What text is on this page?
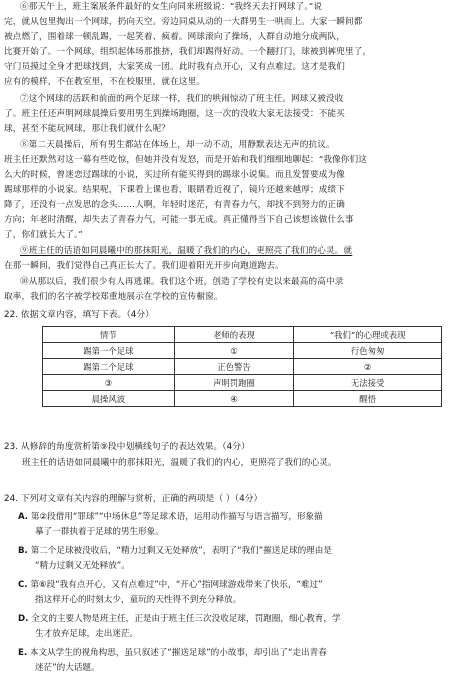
⑥那天午上，班主案展条件最好的女生向同来班级说：“我终天去打网球了。”说
完，就从包里掏出一个网球，扔向天空。旁边同桌从动的一大群男生一哄而上。大家一瞬间都
被点燃了，围着球一顿乱踢，一起笑着、疯着。网球滚向了操场，人群自动地分成两队，
比赛开始了。一个网球，组织起体场那推挤，我们却踢得好动。一个翻打门，球被到裤兜里了，
守门员摸过全身才把球找到，大家笑成一团。此时我有点开心，又有点难过。这才是我们
应有的模样，不在教室里，不在校服里，就在这里。
⑦这个网球的活跃和前面的两个足球一样，我们的哄闹惊动了班主任。网球又被没收
了。班主任还声明网球晨操后要用男生到操场跑圈，这一次的没收大家无法接受：不能买
球，甚至不能玩网球，那让我们就什么呢？
⑧第二天晨操后，所有男生都站在体场上，却一动不动，用静默表达无声的抗议。
班主任还默然对这一幕有些吃惊，但她并没有发怒，而是开始和我们细细地聊起：“我像你们这
么大的时候，曾迷恋过踢球的小说，买过所有能买得到的踢球小说集。而且发誓要成为像
踢球那样的小说家。结果呢，下课看上课也看，眼睛看近视了，镜片还越来越厚；成绩下
降了，还没有一点发思的念头……人啊，年轻时迷茫，有青春力气，却找不到努力的正确
方向；年老时清醒，却失去了青春力气，可能一事无成。真正懂得当下自己该想该做什么事
了，你们就长大了。”
⑨班主任的话语如同晨曦中的那抹阳光，温暖了我们的内心，更照亮了我们的心灵。就
在那一瞬间，我们觉得自己真正长大了。我们迎着阳光开步向跑道跑去。
⑩从那以后，我们很少有人再逃课。我们这个班，创造了学校有史以来最高的高中录
取率，我们的名字被学校郑重地展示在学校的宣传橱窗。
22. 依据文章内容，填写下表。（4分）
情节	老师的表现	“我们”的心理或表现
踢第一个足球	①	行色匆匆
踢第二个足球	正色警告	②
③	声明罚跑圈	无法接受
晨操风波	④	醒悟
23. 从修辞的角度赏析第⑨段中划横线句子的表达效果。（4分）
班主任的话语如同晨曦中的那抹阳光，温暖了我们的内心，更照亮了我们的心灵。
24. 下列对文章有关内容的理解与赏析，正确的两项是（ ）（4分）
A. 第②段借用“罪球”“中场休息”等足球术语，运用动作描写与语言描写，形象描
摹了一群执着于足球的男生形象。
B. 第二个足球被没收后，“精力过剩又无处释放”，表明了“我们”摧送足球的理由是
“精力过剩又无处释放”。
C. 第⑥段“我有点开心，又有点难过”中，“开心”指网球游戏带来了快乐，“难过”
指这样开心的时刻太少，童玩的天性得不到充分释放。
D. 全文的主要人物是班主任，正是由于班主任三次没收足球，罚跑圈，细心教育，学
生才放弃足球，走出迷茫。
E. 本文从学生的视角构思，虽只叙述了“摧送足球”的小故事，却引出了“走出青春
迷茫”的大话题。
